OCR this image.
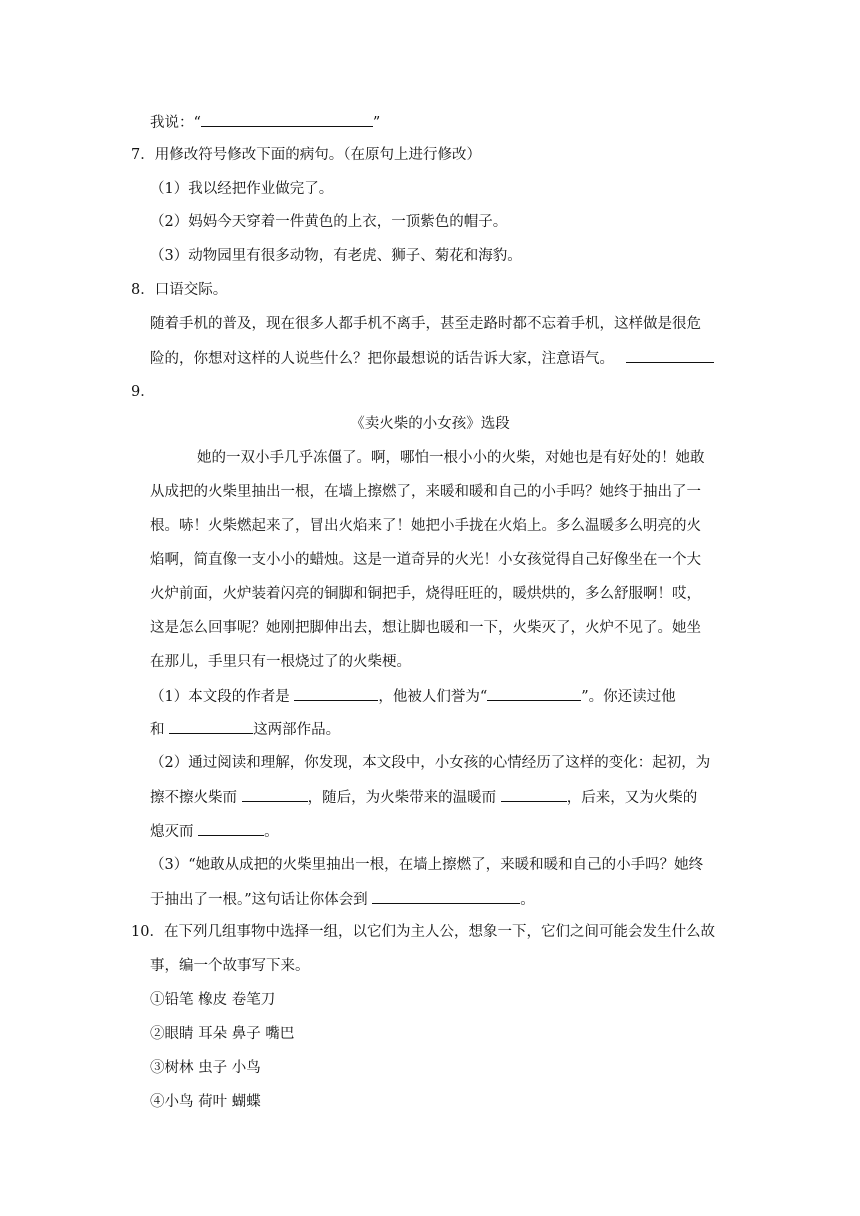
我说：“	”
7．用修改符号修改下面的病句。（在原句上进行修改）
（1）我以经把作业做完了。
（2）妈妈今天穿着一件黄色的上衣，一顶紫色的帽子。
（3）动物园里有很多动物，有老虎、狮子、菊花和海豹。
8．口语交际。
随着手机的普及，现在很多人都手机不离手，甚至走路时都不忘着手机，这样做是很危
险的，你想对这样的人说些什么？把你最想说的话告诉大家，注意语气。
9．
《卖火柴的小女孩》选段
她的一双小手几乎冻僵了。啊，哪怕一根小小的火柴，对她也是有好处的！她敢
从成把的火柴里抽出一根，在墙上擦燃了，来暖和暖和自己的小手吗？她终于抽出了一
根。哧！火柴燃起来了，冒出火焰来了！她把小手拢在火焰上。多么温暖多么明亮的火
焰啊，简直像一支小小的蜡烛。这是一道奇异的火光！小女孩觉得自己好像坐在一个大
火炉前面，火炉装着闪亮的铜脚和铜把手，烧得旺旺的，暖烘烘的，多么舒服啊！哎，
这是怎么回事呢？她刚把脚伸出去，想让脚也暖和一下，火柴灭了，火炉不见了。她坐
在那儿，手里只有一根烧过了的火柴梗。
（1）本文段的作者是	，他被人们誉为“	”。你还读过他
和	这两部作品。
（2）通过阅读和理解，你发现，本文段中，小女孩的心情经历了这样的变化：起初，为
擦不擦火柴而	，随后，为火柴带来的温暖而	，后来，又为火柴的
熄灭而	。
（3）“她敢从成把的火柴里抽出一根，在墙上擦燃了，来暖和暖和自己的小手吗？她终
于抽出了一根。”这句话让你体会到	。
10．在下列几组事物中选择一组，以它们为主人公，想象一下，它们之间可能会发生什么故
事，编一个故事写下来。
①铅笔 橡皮 卷笔刀
②眼睛 耳朵 鼻子 嘴巴
③树林 虫子 小鸟
④小鸟 荷叶 蝴蝶
